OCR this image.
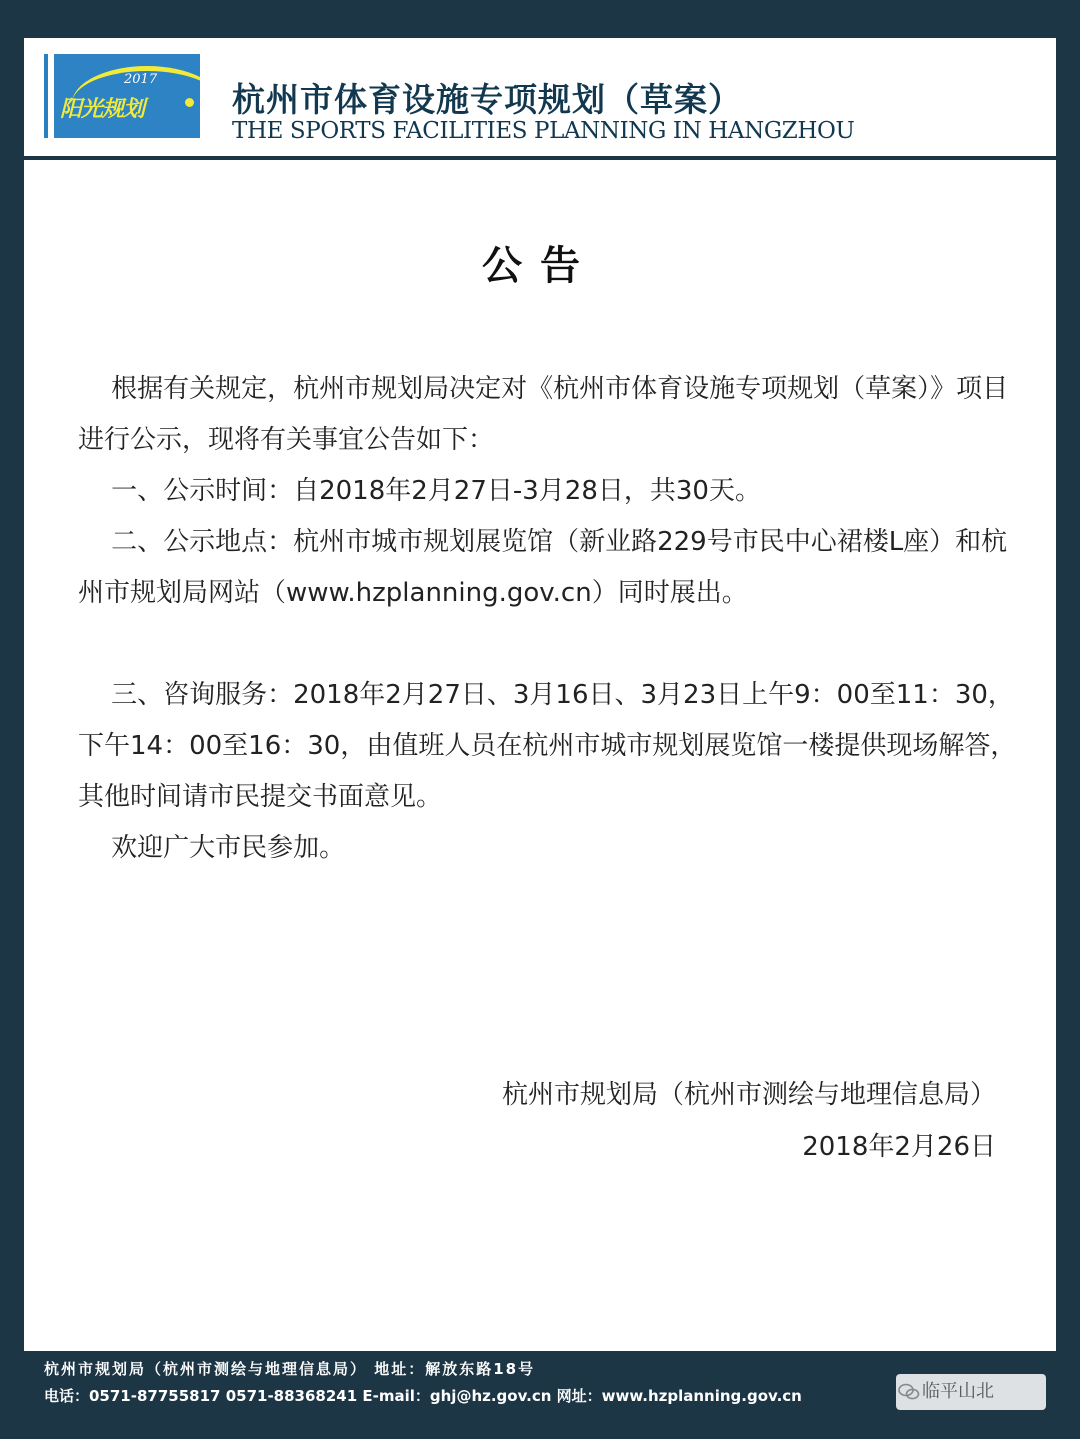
2017
阳光规划	杭州市体育设施专项规划（草案）
THE SPORTS FACILITIES PLANNING IN HANGZHOU
公告

根据有关规定，杭州市规划局决定对《杭州市体育设施专项规划（草案）》项目进行公示，现将有关事宜公告如下：

一、公示时间：自2018年2月27日-3月28日，共30天。

二、公示地点：杭州市城市规划展览馆（新业路229号市民中心裙楼L座）和杭州市规划局网站（www.hzplanning.gov.cn）同时展出。

三、咨询服务：2018年2月27日、3月16日、3月23日上午9：00至11：30，下午14：00至16：30，由值班人员在杭州市城市规划展览馆一楼提供现场解答，其他时间请市民提交书面意见。

欢迎广大市民参加。

杭州市规划局（杭州市测绘与地理信息局）
2018年2月26日
杭州市规划局（杭州市测绘与地理信息局） 地址：解放东路18号
电话：0571-87755817 0571-88368241 E-mail：ghj@hz.gov.cn 网址：www.hzplanning.gov.cn	临平山北
